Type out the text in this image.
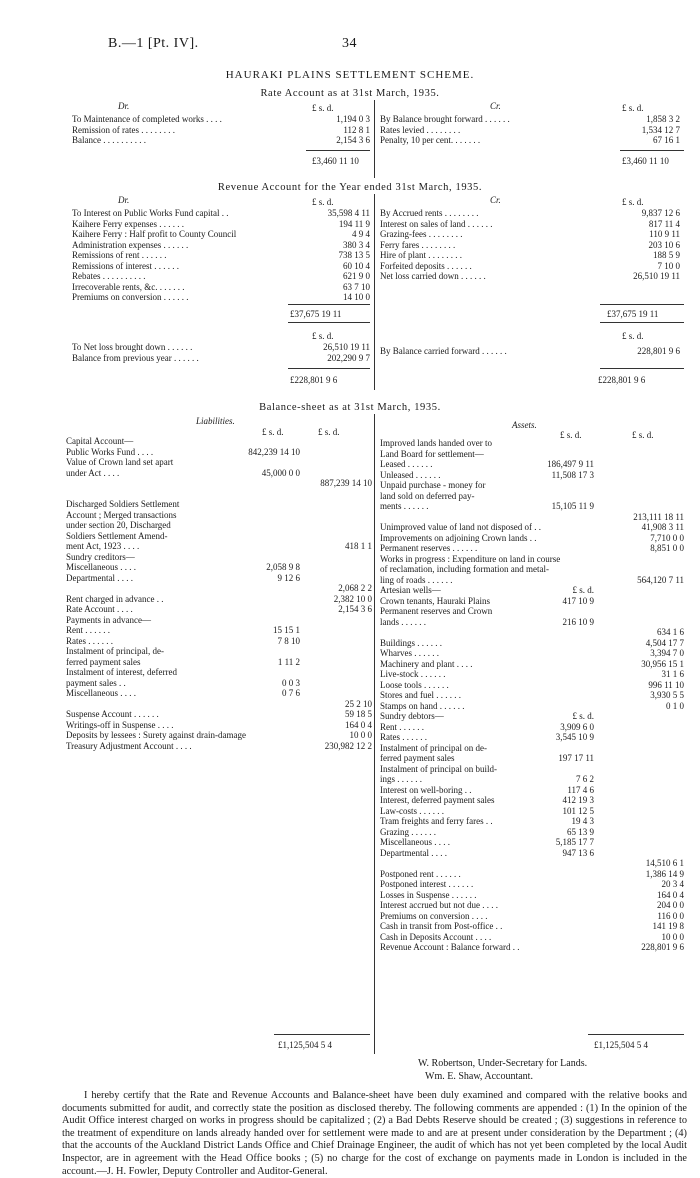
B.—1 [Pt. IV].	34
HAURAKI PLAINS SETTLEMENT SCHEME.
Rate Account as at 31st March, 1935.
Dr.	Cr.
£ s. d.	£ s. d.
To Maintenance of completed works . . . .	1,194 0 3
Remission of rates . . . . . . . .	112 8 1
Balance . . . . . . . . . .	2,154 3 6
By Balance brought forward . . . . . .	1,858 3 2
Rates levied . . . . . . . .	1,534 12 7
Penalty, 10 per cent. . . . . . .	67 16 1
£3,460 11 10	£3,460 11 10
Revenue Account for the Year ended 31st March, 1935.
Dr.	Cr.
£ s. d.	£ s. d.
To Interest on Public Works Fund capital . .	35,598 4 11
Kaihere Ferry expenses . . . . . .	194 11 9
Kaihere Ferry : Half profit to County Council	4 9 4
Administration expenses . . . . . .	380 3 4
Remissions of rent . . . . . .	738 13 5
Remissions of interest . . . . . .	60 10 4
Rebates . . . . . . . . . .	621 9 0
Irrecoverable rents, &c. . . . . . .	63 7 10
Premiums on conversion . . . . . .	14 10 0
By Accrued rents . . . . . . . .	9,837 12 6
Interest on sales of land . . . . . .	817 11 4
Grazing-fees . . . . . . . .	110 9 11
Ferry fares . . . . . . . .	203 10 6
Hire of plant . . . . . . . .	188 5 9
Forfeited deposits . . . . . .	7 10 0
Net loss carried down . . . . . .	26,510 19 11
£37,675 19 11	£37,675 19 11
£ s. d.	£ s. d.
To Net loss brought down . . . . . .	26,510 19 11
Balance from previous year . . . . . .	202,290 9 7
By Balance carried forward . . . . . .	228,801 9 6
£228,801 9 6	£228,801 9 6
Balance-sheet as at 31st March, 1935.
Liabilities.	Assets.
£ s. d.	£ s. d.	£ s. d.	£ s. d.
Capital Account—
Public Works Fund . . . .	842,239 14 10
Value of Crown land set apart
under Act . . . .	45,000 0 0
887,239 14 10
Discharged Soldiers Settlement
Account ; Merged transactions
under section 20, Discharged
Soldiers Settlement Amend-
ment Act, 1923 . . . .	418 1 1
Sundry creditors—
Miscellaneous . . . .	2,058 9 8
Departmental . . . .	9 12 6
2,068 2 2
Rent charged in advance . .	2,382 10 0
Rate Account . . . .	2,154 3 6
Payments in advance—
Rent . . . . . .	15 15 1
Rates . . . . . .	7 8 10
Instalment of principal, de-
ferred payment sales	1 11 2
Instalment of interest, deferred
payment sales . .	0 0 3
Miscellaneous . . . .	0 7 6
25 2 10
Suspense Account . . . . . .	59 18 5
Writings-off in Suspense . . . .	164 0 4
Deposits by lessees : Surety against drain-damage	10 0 0
Treasury Adjustment Account . . . .	230,982 12 2
Improved lands handed over to
Land Board for settlement—
Leased . . . . . .	186,497 9 11
Unleased . . . . . .	11,508 17 3
Unpaid purchase - money for
land sold on deferred pay-
ments . . . . . .	15,105 11 9
213,111 18 11
Unimproved value of land not disposed of . .	41,908 3 11
Improvements on adjoining Crown lands . .	7,710 0 0
Permanent reserves . . . . . .	8,851 0 0
Works in progress : Expenditure on land in course
of reclamation, including formation and metal-
ling of roads . . . . . .	564,120 7 11
Artesian wells—	£ s. d.
Crown tenants, Hauraki Plains	417 10 9
Permanent reserves and Crown
lands . . . . . .	216 10 9
634 1 6
Buildings . . . . . .	4,504 17 7
Wharves . . . . . .	3,394 7 0
Machinery and plant . . . .	30,956 15 1
Live-stock . . . . . .	31 1 6
Loose tools . . . . . .	996 11 10
Stores and fuel . . . . . .	3,930 5 5
Stamps on hand . . . . . .	0 1 0
Sundry debtors—	£ s. d.
Rent . . . . . .	3,909 6 0
Rates . . . . . .	3,545 10 9
Instalment of principal on de-
ferred payment sales	197 17 11
Instalment of principal on build-
ings . . . . . .	7 6 2
Interest on well-boring . .	117 4 6
Interest, deferred payment sales	412 19 3
Law-costs . . . . . .	101 12 5
Tram freights and ferry fares . .	19 4 3
Grazing . . . . . .	65 13 9
Miscellaneous . . . .	5,185 17 7
Departmental . . . .	947 13 6
14,510 6 1
Postponed rent . . . . . .	1,386 14 9
Postponed interest . . . . . .	20 3 4
Losses in Suspense . . . . . .	164 0 4
Interest accrued but not due . . . .	204 0 0
Premiums on conversion . . . .	116 0 0
Cash in transit from Post-office . .	141 19 8
Cash in Deposits Account . . . .	10 0 0
Revenue Account : Balance forward . .	228,801 9 6
£1,125,504 5 4	£1,125,504 5 4
W. Robertson, Under-Secretary for Lands.
Wm. E. Shaw, Accountant.
I hereby certify that the Rate and Revenue Accounts and Balance-sheet have been duly examined and compared with the relative books and documents submitted for audit, and correctly state the position as disclosed thereby. The following comments are appended : (1) In the opinion of the Audit Office interest charged on works in progress should be capitalized ; (2) a Bad Debts Reserve should be created ; (3) suggestions in reference to the treatment of expenditure on lands already handed over for settlement were made to and are at present under consideration by the Department ; (4) that the accounts of the Auckland District Lands Office and Chief Drainage Engineer, the audit of which has not yet been completed by the local Audit Inspector, are in agreement with the Head Office books ; (5) no charge for the cost of exchange on payments made in London is included in the account.—J. H. Fowler, Deputy Controller and Auditor-General.
